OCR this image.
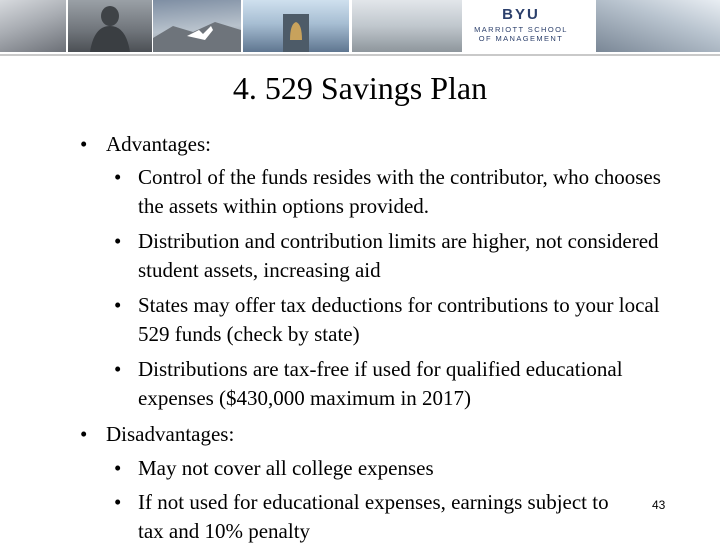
BYU
MARRIOTT SCHOOL
OF MANAGEMENT
4. 529 Savings Plan
• Advantages:
• Control of the funds resides with the contributor, who chooses the assets within options provided.
• Distribution and contribution limits are higher, not considered student assets, increasing aid
• States may offer tax deductions for contributions to your local 529 funds (check by state)
• Distributions are tax-free if used for qualified educational expenses ($430,000 maximum in 2017)
• Disadvantages:
• May not cover all college expenses
• If not used for educational expenses, earnings subject to tax and 10% penalty
43
